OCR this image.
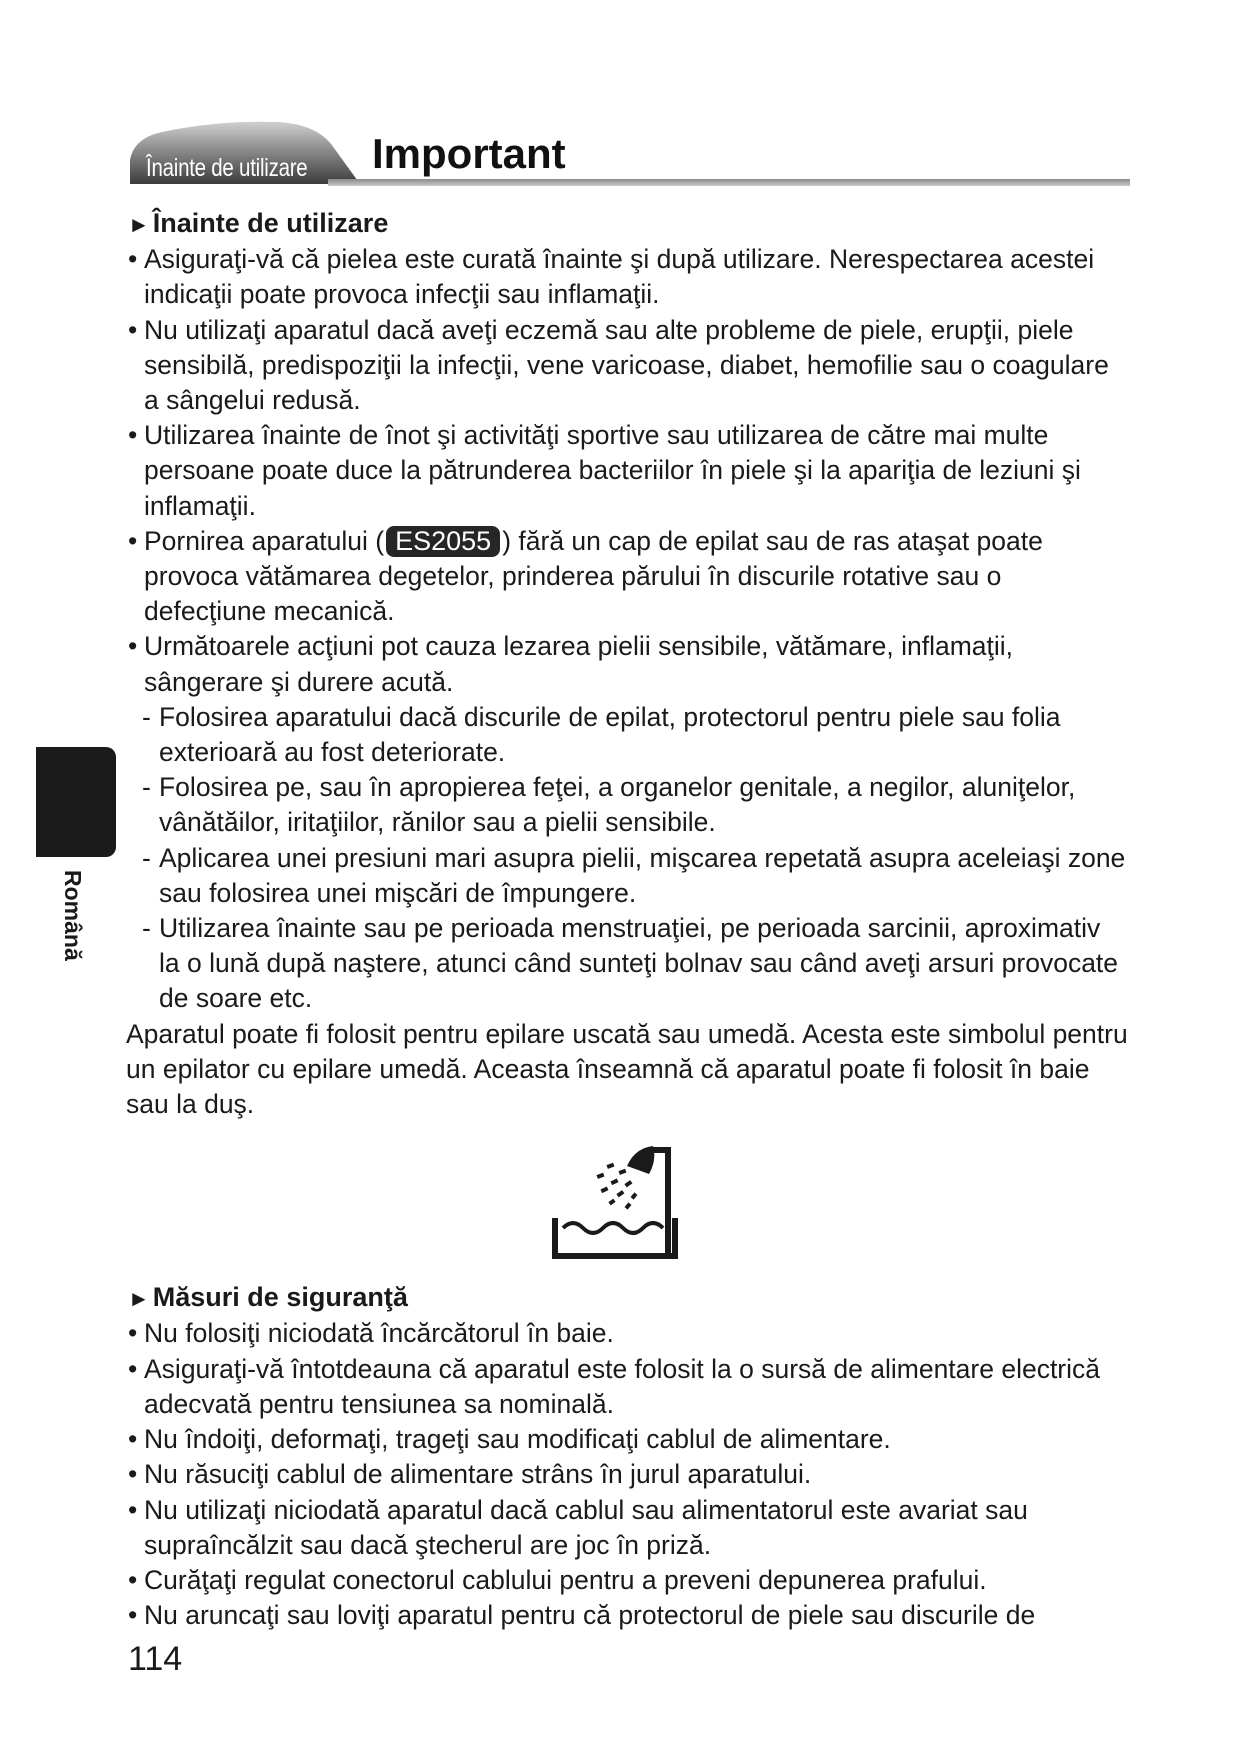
Înainte de utilizare Important
Română

► Înainte de utilizare

• Asiguraţi-vă că pielea este curată înainte şi după utilizare. Nerespectarea acestei indicaţii poate provoca infecţii sau inflamaţii.

• Nu utilizaţi aparatul dacă aveţi eczemă sau alte probleme de piele, erupţii, piele sensibilă, predispoziţii la infecţii, vene varicoase, diabet, hemofilie sau o coagulare a sângelui redusă.

• Utilizarea înainte de înot şi activităţi sportive sau utilizarea de către mai multe persoane poate duce la pătrunderea bacteriilor în piele şi la apariţia de leziuni şi inflamaţii.

• Pornirea aparatului ( ES2055 ) fără un cap de epilat sau de ras ataşat poate provoca vătămarea degetelor, prinderea părului în discurile rotative sau o defecţiune mecanică.

• Următoarele acţiuni pot cauza lezarea pielii sensibile, vătămare, inflamaţii, sângerare şi durere acută.

- Folosirea aparatului dacă discurile de epilat, protectorul pentru piele sau folia exterioară au fost deteriorate.

- Folosirea pe, sau în apropierea feţei, a organelor genitale, a negilor, aluniţelor, vânătăilor, iritaţiilor, rănilor sau a pielii sensibile.

- Aplicarea unei presiuni mari asupra pielii, mişcarea repetată asupra aceleiaşi zone sau folosirea unei mişcări de împungere.

- Utilizarea înainte sau pe perioada menstruaţiei, pe perioada sarcinii, aproximativ la o lună după naştere, atunci când sunteţi bolnav sau când aveţi arsuri provocate de soare etc.

Aparatul poate fi folosit pentru epilare uscată sau umedă. Acesta este simbolul pentru un epilator cu epilare umedă. Aceasta înseamnă că aparatul poate fi folosit în baie sau la duş.

► Măsuri de siguranţă

• Nu folosiţi niciodată încărcătorul în baie.

• Asiguraţi-vă întotdeauna că aparatul este folosit la o sursă de alimentare electrică adecvată pentru tensiunea sa nominală.

• Nu îndoiţi, deformaţi, trageţi sau modificaţi cablul de alimentare.

• Nu răsuciţi cablul de alimentare strâns în jurul aparatului.

• Nu utilizaţi niciodată aparatul dacă cablul sau alimentatorul este avariat sau supraîncălzit sau dacă ştecherul are joc în priză.

• Curăţaţi regulat conectorul cablului pentru a preveni depunerea prafului.

• Nu aruncaţi sau loviţi aparatul pentru că protectorul de piele sau discurile de

114
